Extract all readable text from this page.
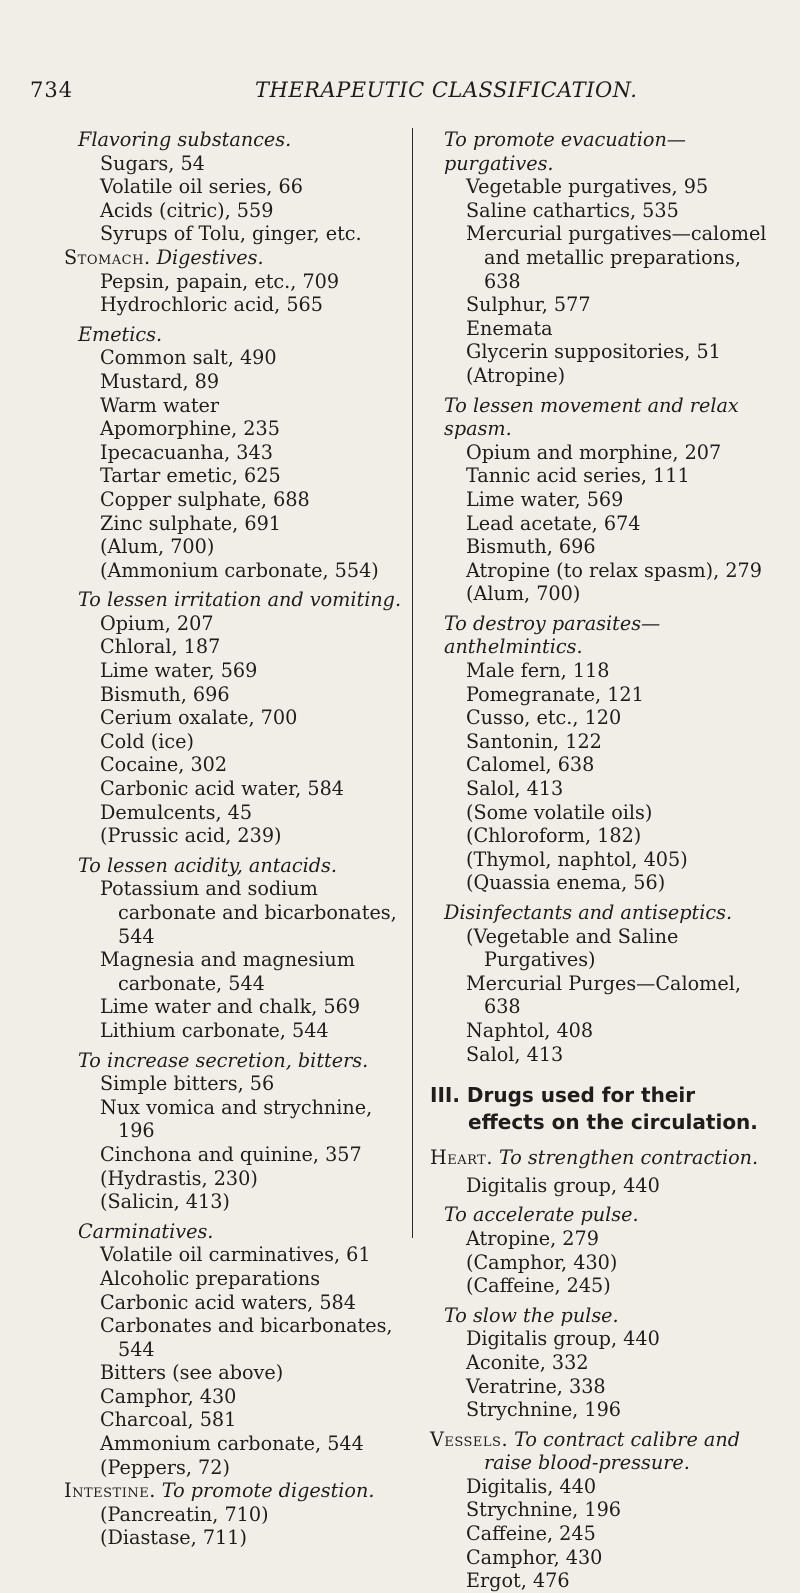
734	THERAPEUTIC CLASSIFICATION.
Flavoring substances.
Sugars, 54
Volatile oil series, 66
Acids (citric), 559
Syrups of Tolu, ginger, etc.
Stomach. Digestives.
Pepsin, papain, etc., 709
Hydrochloric acid, 565
Emetics.
Common salt, 490
Mustard, 89
Warm water
Apomorphine, 235
Ipecacuanha, 343
Tartar emetic, 625
Copper sulphate, 688
Zinc sulphate, 691
(Alum, 700)
(Ammonium carbonate, 554)
To lessen irritation and vomiting.
Opium, 207
Chloral, 187
Lime water, 569
Bismuth, 696
Cerium oxalate, 700
Cold (ice)
Cocaine, 302
Carbonic acid water, 584
Demulcents, 45
(Prussic acid, 239)
To lessen acidity, antacids.
Potassium and sodium carbonate and bicarbonates, 544
Magnesia and magnesium carbonate, 544
Lime water and chalk, 569
Lithium carbonate, 544
To increase secretion, bitters.
Simple bitters, 56
Nux vomica and strychnine, 196
Cinchona and quinine, 357
(Hydrastis, 230)
(Salicin, 413)
Carminatives.
Volatile oil carminatives, 61
Alcoholic preparations
Carbonic acid waters, 584
Carbonates and bicarbonates, 544
Bitters (see above)
Camphor, 430
Charcoal, 581
Ammonium carbonate, 544
(Peppers, 72)
Intestine. To promote digestion.
(Pancreatin, 710)
(Diastase, 711)
To promote evacuation—purgatives.
Vegetable purgatives, 95
Saline cathartics, 535
Mercurial purgatives—calomel and metallic preparations, 638
Sulphur, 577
Enemata
Glycerin suppositories, 51
(Atropine)
To lessen movement and relax spasm.
Opium and morphine, 207
Tannic acid series, 111
Lime water, 569
Lead acetate, 674
Bismuth, 696
Atropine (to relax spasm), 279
(Alum, 700)
To destroy parasites—anthelmintics.
Male fern, 118
Pomegranate, 121
Cusso, etc., 120
Santonin, 122
Calomel, 638
Salol, 413
(Some volatile oils)
(Chloroform, 182)
(Thymol, naphtol, 405)
(Quassia enema, 56)
Disinfectants and antiseptics.
(Vegetable and Saline Purgatives)
Mercurial Purges—Calomel, 638
Naphtol, 408
Salol, 413
III. Drugs used for their effects on the circulation.
Heart. To strengthen contraction.
Digitalis group, 440
To accelerate pulse.
Atropine, 279
(Camphor, 430)
(Caffeine, 245)
To slow the pulse.
Digitalis group, 440
Aconite, 332
Veratrine, 338
Strychnine, 196
Vessels. To contract calibre and raise blood-pressure.
Digitalis, 440
Strychnine, 196
Caffeine, 245
Camphor, 430
Ergot, 476
